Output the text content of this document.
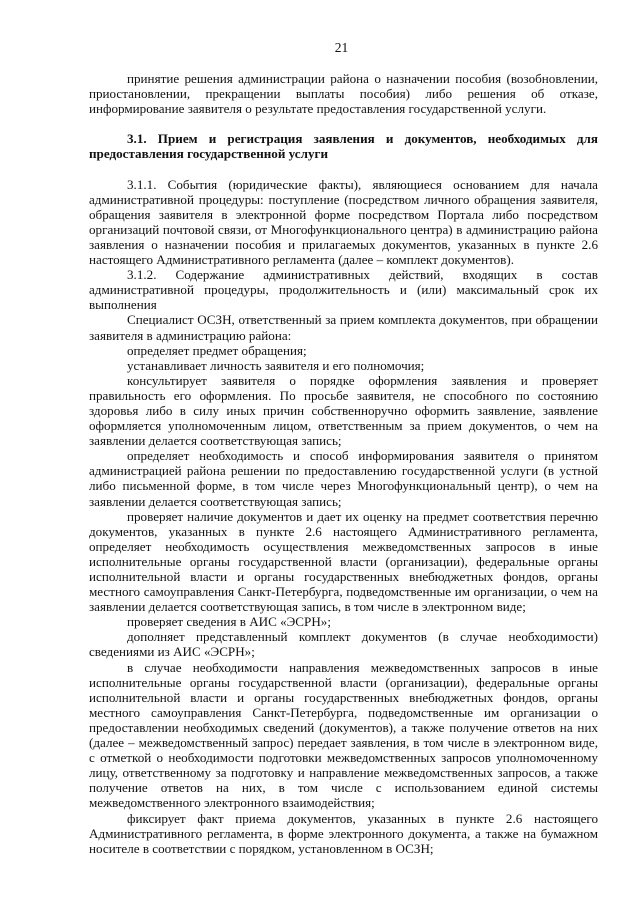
21

принятие решения администрации района о назначении пособия (возобновлении, приостановлении, прекращении выплаты пособия) либо решения об отказе, информирование заявителя о результате предоставления государственной услуги.

3.1. Прием и регистрация заявления и документов, необходимых для предоставления государственной услуги

3.1.1. События (юридические факты), являющиеся основанием для начала административной процедуры: поступление (посредством личного обращения заявителя, обращения заявителя в электронной форме посредством Портала либо посредством организаций почтовой связи, от Многофункционального центра) в администрацию района заявления о назначении пособия и прилагаемых документов, указанных в пункте 2.6 настоящего Административного регламента (далее – комплект документов).

3.1.2. Содержание административных действий, входящих в состав административной процедуры, продолжительность и (или) максимальный срок их выполнения

Специалист ОСЗН, ответственный за прием комплекта документов, при обращении заявителя в администрацию района:

определяет предмет обращения;

устанавливает личность заявителя и его полномочия;

консультирует заявителя о порядке оформления заявления и проверяет правильность его оформления. По просьбе заявителя, не способного по состоянию здоровья либо в силу иных причин собственноручно оформить заявление, заявление оформляется уполномоченным лицом, ответственным за прием документов, о чем на заявлении делается соответствующая запись;

определяет необходимость и способ информирования заявителя о принятом администрацией района решении по предоставлению государственной услуги (в устной либо письменной форме, в том числе через Многофункциональный центр), о чем на заявлении делается соответствующая запись;

проверяет наличие документов и дает их оценку на предмет соответствия перечню документов, указанных в пункте 2.6 настоящего Административного регламента, определяет необходимость осуществления межведомственных запросов в иные исполнительные органы государственной власти (организации), федеральные органы исполнительной власти и органы государственных внебюджетных фондов, органы местного самоуправления Санкт-Петербурга, подведомственные им организации, о чем на заявлении делается соответствующая запись, в том числе в электронном виде;

проверяет сведения в АИС «ЭСРН»;

дополняет представленный комплект документов (в случае необходимости) сведениями из АИС «ЭСРН»;

в случае необходимости направления межведомственных запросов в иные исполнительные органы государственной власти (организации), федеральные органы исполнительной власти и органы государственных внебюджетных фондов, органы местного самоуправления Санкт-Петербурга, подведомственные им организации о предоставлении необходимых сведений (документов), а также получение ответов на них (далее – межведомственный запрос) передает заявления, в том числе в электронном виде, с отметкой о необходимости подготовки межведомственных запросов уполномоченному лицу, ответственному за подготовку и направление межведомственных запросов, а также получение ответов на них, в том числе с использованием единой системы межведомственного электронного взаимодействия;

фиксирует факт приема документов, указанных в пункте 2.6 настоящего Административного регламента, в форме электронного документа, а также на бумажном носителе в соответствии с порядком, установленном в ОСЗН;
